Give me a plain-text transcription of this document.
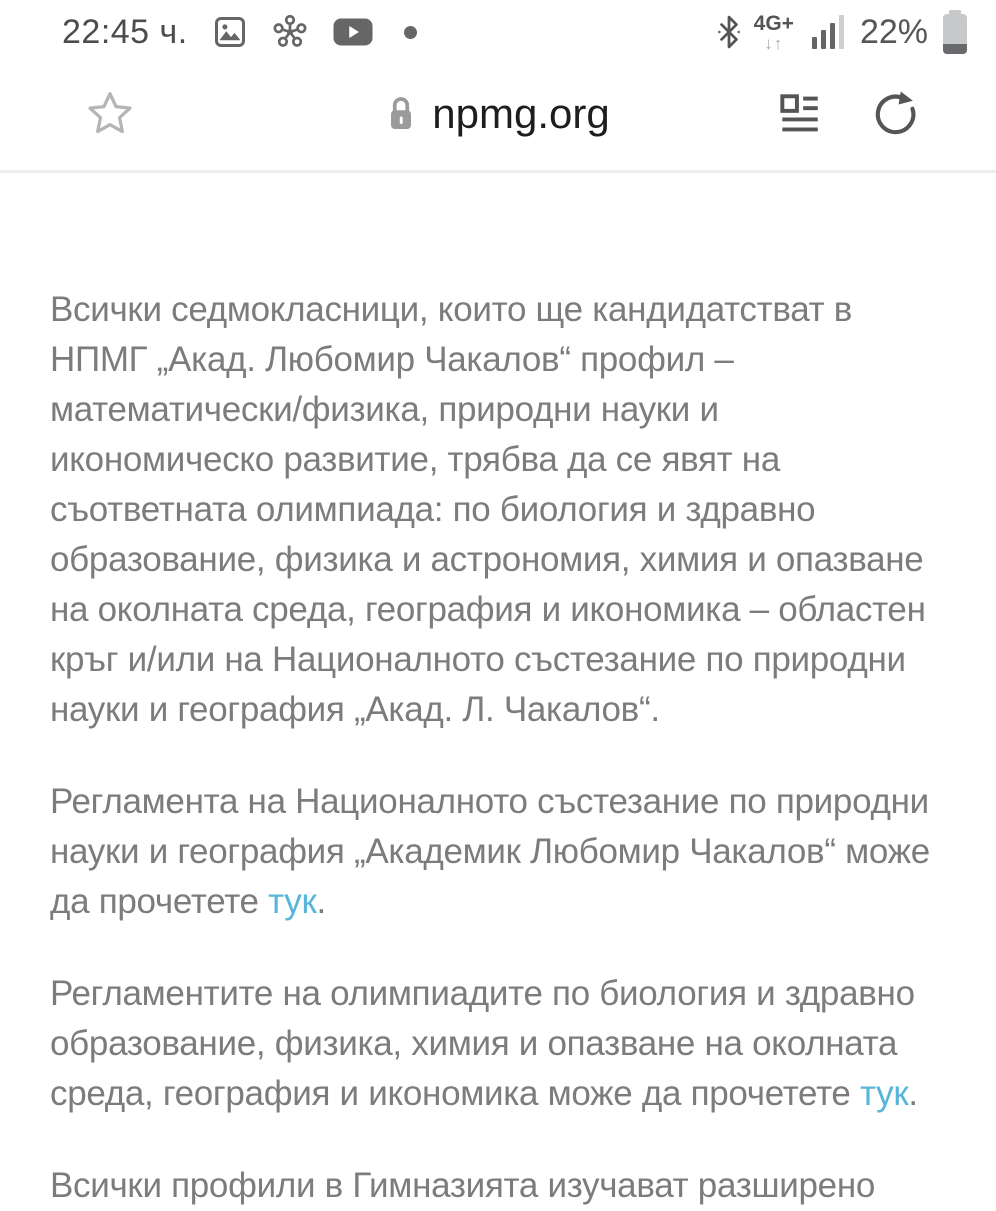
22:45 ч.	4G+
↓↑ 22%
npmg.org
Всички седмокласници, които ще кандидатстват в
НПМГ „Акад. Любомир Чакалов“ профил –
математически/физика, природни науки и
икономическо развитие, трябва да се явят на
съответната олимпиада: по биология и здравно
образование, физика и астрономия, химия и опазване
на околната среда, география и икономика – областен
кръг и/или на Националното състезание по природни
науки и география „Акад. Л. Чакалов“.
Регламента на Националното състезание по природни
науки и география „Академик Любомир Чакалов“ може
да прочетете тук.
Регламентите на олимпиадите по биология и здравно
образование, физика, химия и опазване на околната
среда, география и икономика може да прочетете тук.
Всички профили в Гимназията изучават разширено
